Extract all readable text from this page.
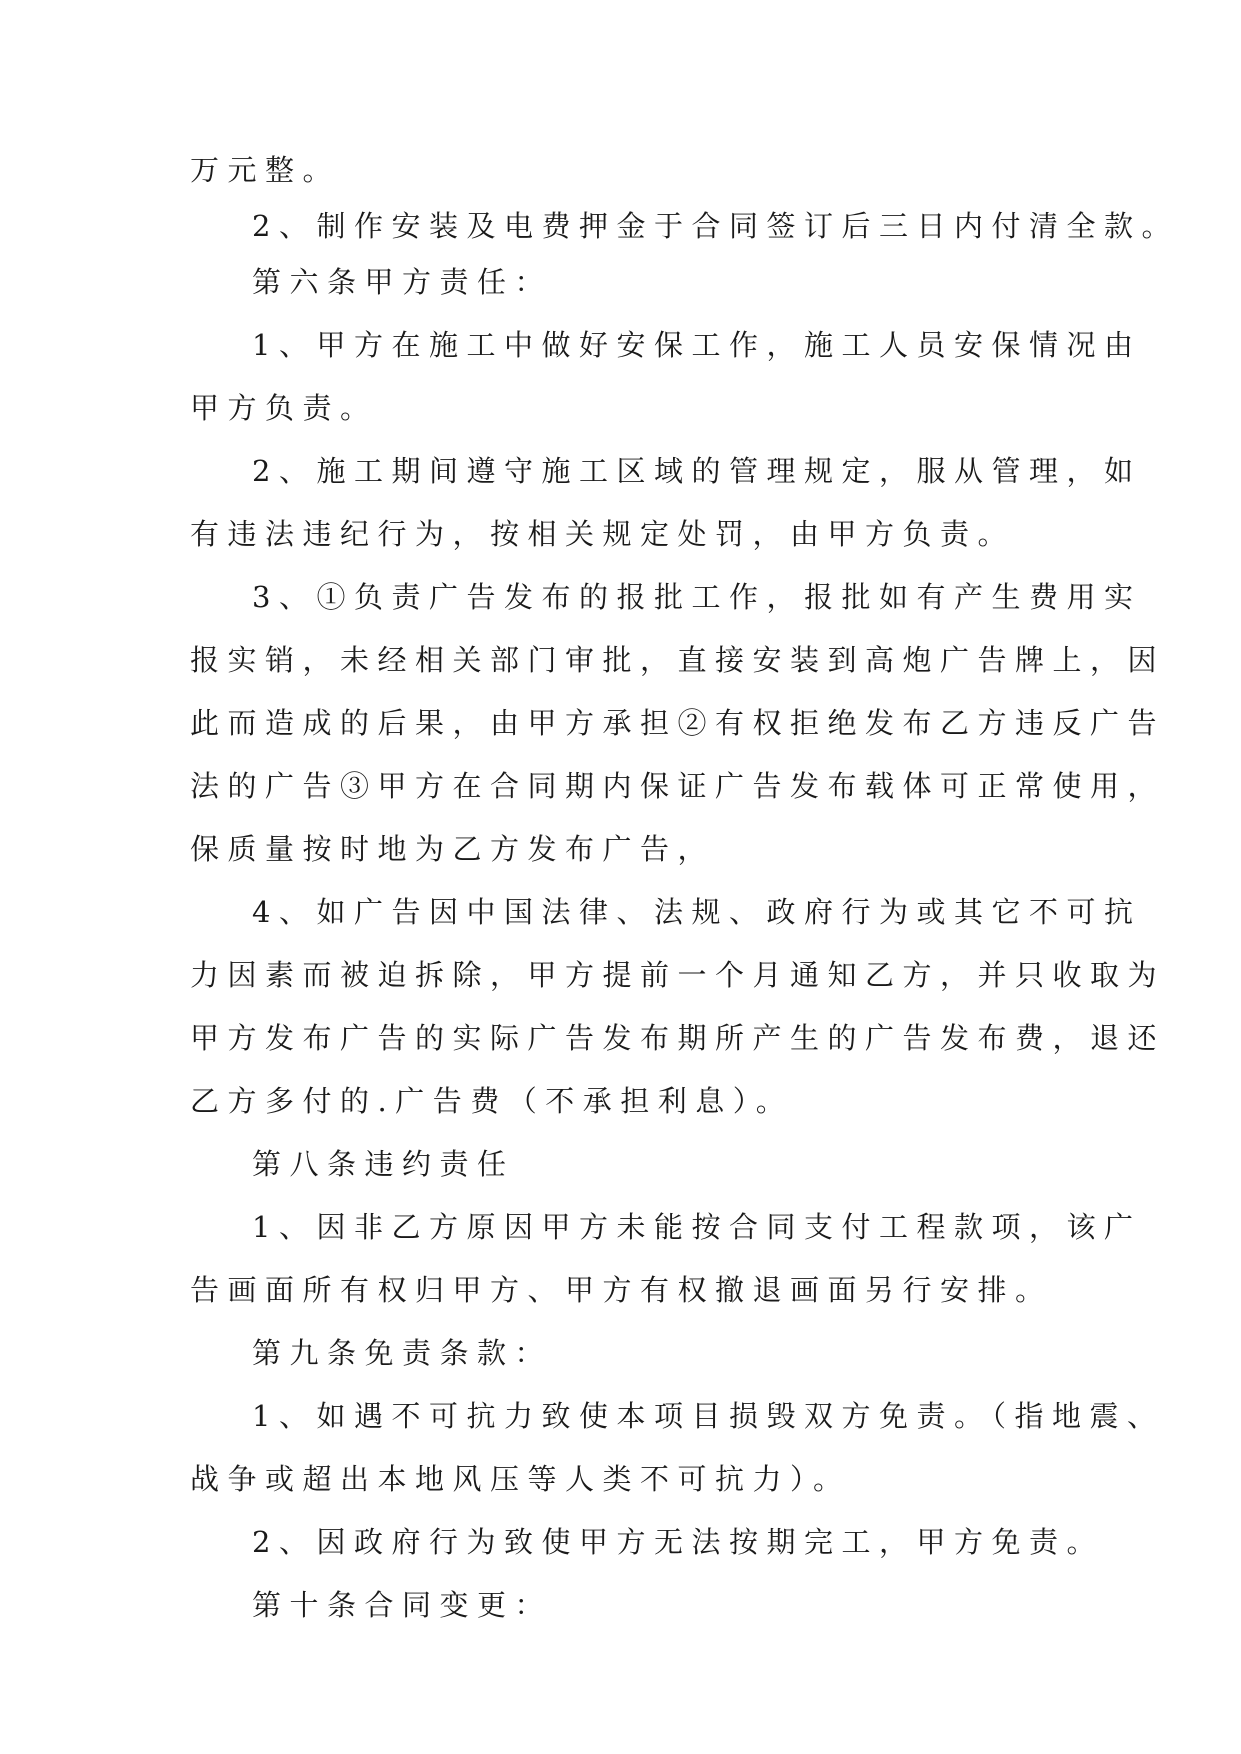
万元整。
2、制作安装及电费押金于合同签订后三日内付清全款。
第六条甲方责任：
1、甲方在施工中做好安保工作，施工人员安保情况由
甲方负责。
2、施工期间遵守施工区域的管理规定，服从管理，如
有违法违纪行为，按相关规定处罚，由甲方负责。
3、①负责广告发布的报批工作，报批如有产生费用实
报实销，未经相关部门审批，直接安装到高炮广告牌上，因
此而造成的后果，由甲方承担②有权拒绝发布乙方违反广告
法的广告③甲方在合同期内保证广告发布载体可正常使用，
保质量按时地为乙方发布广告，
4、如广告因中国法律、法规、政府行为或其它不可抗
力因素而被迫拆除，甲方提前一个月通知乙方，并只收取为
甲方发布广告的实际广告发布期所产生的广告发布费，退还
乙方多付的.广告费（不承担利息）。
第八条违约责任
1、因非乙方原因甲方未能按合同支付工程款项，该广
告画面所有权归甲方、甲方有权撤退画面另行安排。
第九条免责条款：
1、如遇不可抗力致使本项目损毁双方免责。（指地震、
战争或超出本地风压等人类不可抗力）。
2、因政府行为致使甲方无法按期完工，甲方免责。
第十条合同变更：
